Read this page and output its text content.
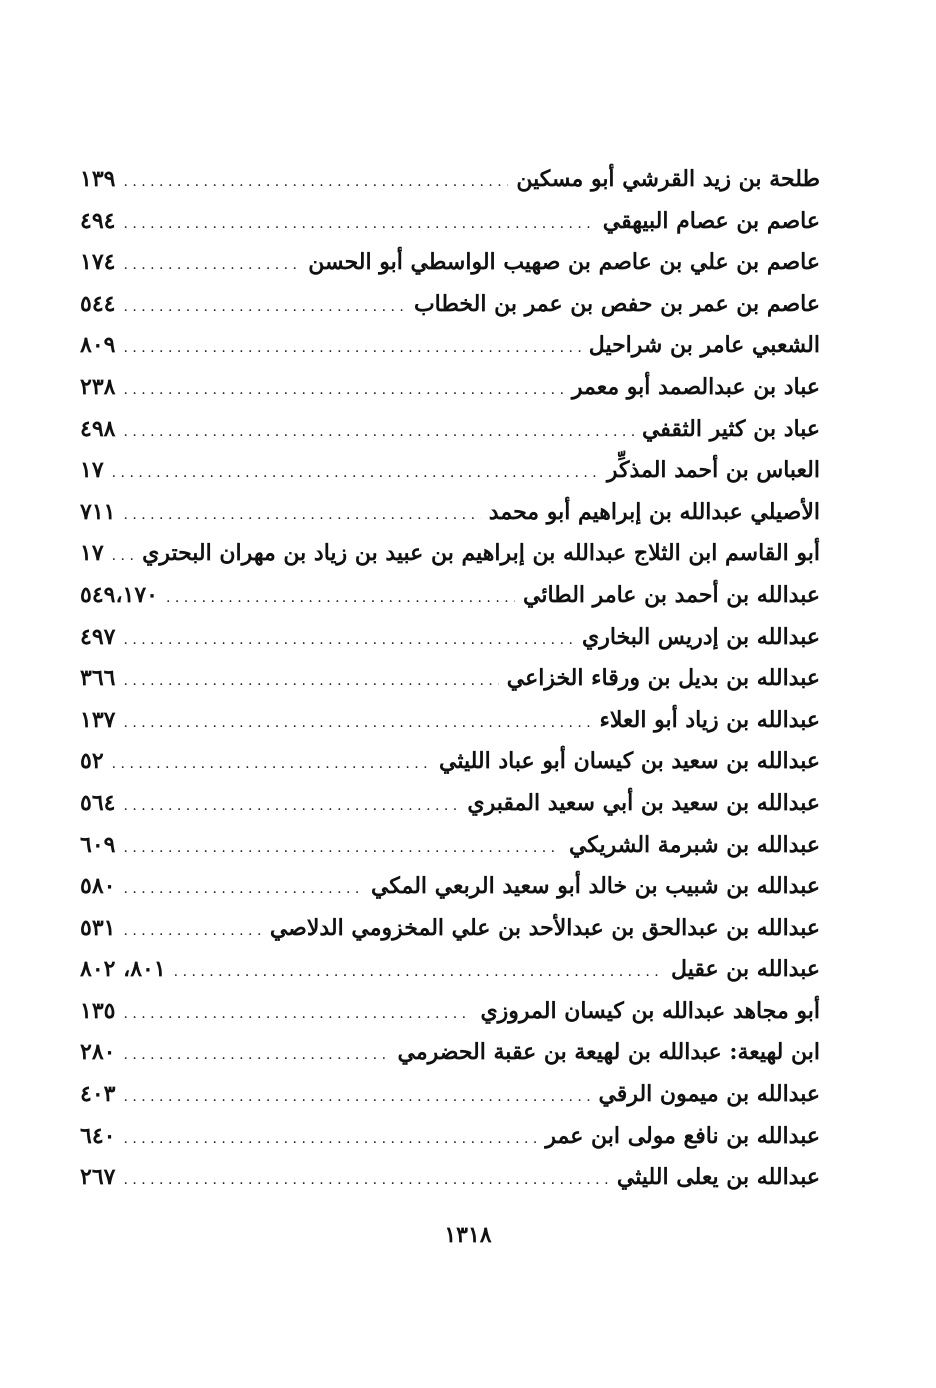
طلحة بن زيد القرشي أبو مسكين
. . .
١٣٩
عاصم بن عصام البيهقي
. . .
٤٩٤
عاصم بن علي بن عاصم بن صهيب الواسطي أبو الحسن
. . .
١٧٤
عاصم بن عمر بن حفص بن عمر بن الخطاب
. . .
٥٤٤
الشعبي عامر بن شراحيل
. . .
٨٠٩
عباد بن عبدالصمد أبو معمر
. . .
٢٣٨
عباد بن كثير الثقفي
. . .
٤٩٨
العباس بن أحمد المذكِّر
. . .
١٧
الأصيلي عبدالله بن إبراهيم أبو محمد
. . .
٧١١
أبو القاسم ابن الثلاج عبدالله بن إبراهيم بن عبيد بن زياد بن مهران البحتري
. . .
١٧
عبدالله بن أحمد بن عامر الطائي
. . .
٥٤٩،١٧٠
عبدالله بن إدريس البخاري
. . .
٤٩٧
عبدالله بن بديل بن ورقاء الخزاعي
. . .
٣٦٦
عبدالله بن زياد أبو العلاء
. . .
١٣٧
عبدالله بن سعيد بن كيسان أبو عباد الليثي
. . .
٥٢
عبدالله بن سعيد بن أبي سعيد المقبري
. . .
٥٦٤
عبدالله بن شبرمة الشريكي
. . .
٦٠٩
عبدالله بن شبيب بن خالد أبو سعيد الربعي المكي
. . .
٥٨٠
عبدالله بن عبدالحق بن عبدالأحد بن علي المخزومي الدلاصي
. . .
٥٣١
عبدالله بن عقيل
. . .
٨٠١، ٨٠٢
أبو مجاهد عبدالله بن كيسان المروزي
. . .
١٣٥
ابن لهيعة: عبدالله بن لهيعة بن عقبة الحضرمي
. . .
٢٨٠
عبدالله بن ميمون الرقي
. . .
٤٠٣
عبدالله بن نافع مولى ابن عمر
. . .
٦٤٠
عبدالله بن يعلى الليثي
. . .
٢٦٧
١٣١٨
